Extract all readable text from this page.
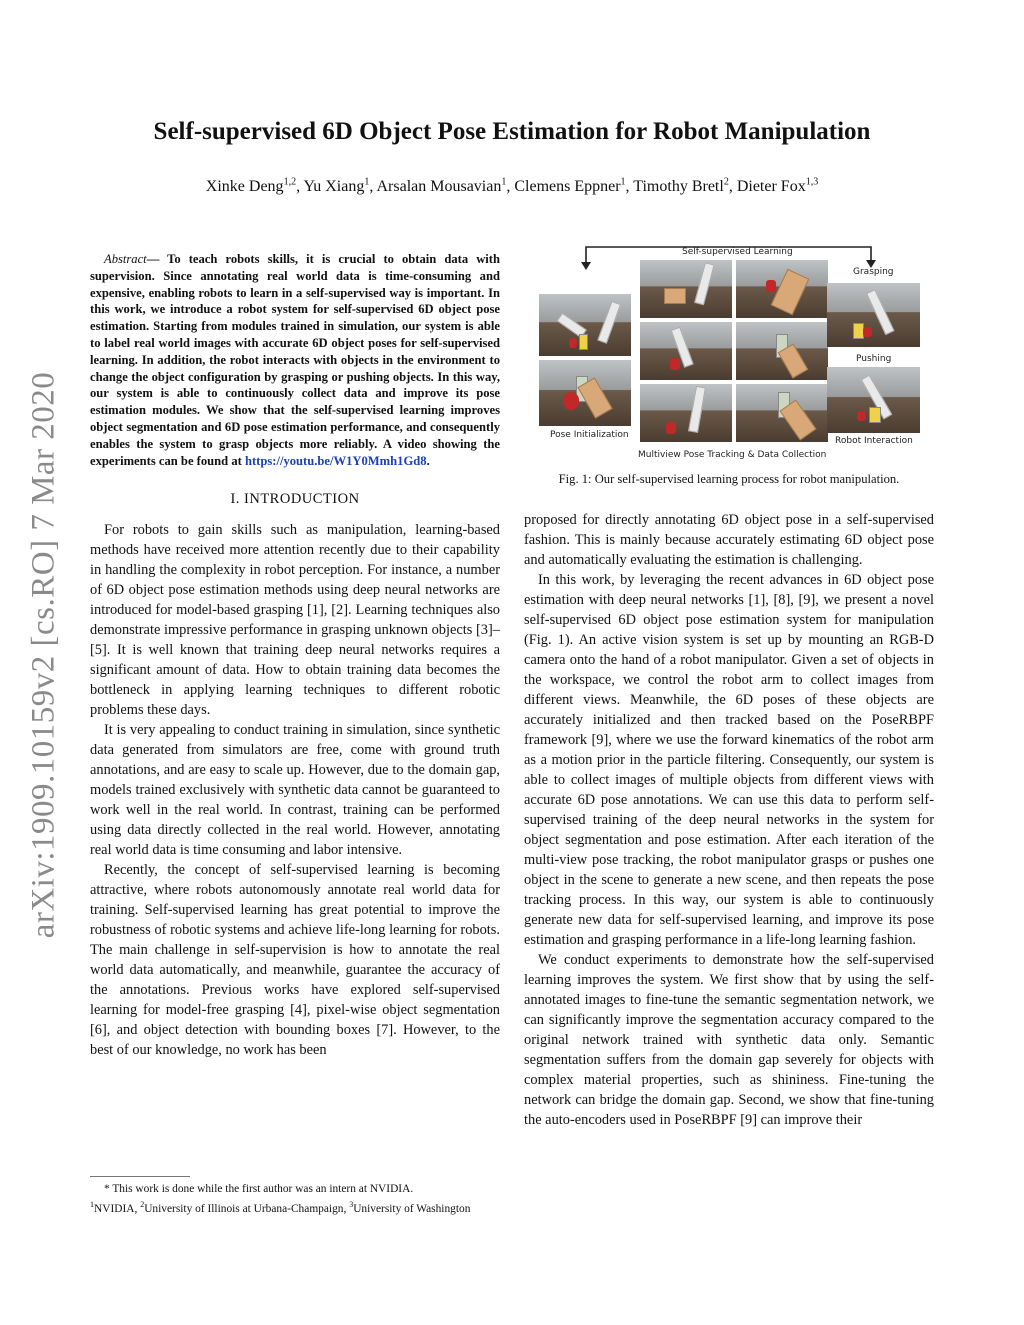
arXiv:1909.10159v2 [cs.RO] 7 Mar 2020
Self-supervised 6D Object Pose Estimation for Robot Manipulation
Xinke Deng$^{1,2}$, Yu Xiang$^1$, Arsalan Mousavian$^1$, Clemens Eppner$^1$, Timothy Bretl$^2$, Dieter Fox$^{1,3}$

Abstract— To teach robots skills, it is crucial to obtain data with supervision. Since annotating real world data is time-consuming and expensive, enabling robots to learn in a self-supervised way is important. In this work, we introduce a robot system for self-supervised 6D object pose estimation. Starting from modules trained in simulation, our system is able to label real world images with accurate 6D object poses for self-supervised learning. In addition, the robot interacts with objects in the environment to change the object configuration by grasping or pushing objects. In this way, our system is able to continuously collect data and improve its pose estimation modules. We show that the self-supervised learning improves object segmentation and 6D pose estimation performance, and consequently enables the system to grasp objects more reliably. A video showing the experiments can be found at https://youtu.be/W1Y0Mmh1Gd8.

I. INTRODUCTION

For robots to gain skills such as manipulation, learning-based methods have received more attention recently due to their capability in handling the complexity in robot perception. For instance, a number of 6D object pose estimation methods using deep neural networks are introduced for model-based grasping [1], [2]. Learning techniques also demonstrate impressive performance in grasping unknown objects [3]–[5]. It is well known that training deep neural networks requires a significant amount of data. How to obtain training data becomes the bottleneck in applying learning techniques to different robotic problems these days.

It is very appealing to conduct training in simulation, since synthetic data generated from simulators are free, come with ground truth annotations, and are easy to scale up. However, due to the domain gap, models trained exclusively with synthetic data cannot be guaranteed to work well in the real world. In contrast, training can be performed using data directly collected in the real world. However, annotating real world data is time consuming and labor intensive.

Recently, the concept of self-supervised learning is becoming attractive, where robots autonomously annotate real world data for training. Self-supervised learning has great potential to improve the robustness of robotic systems and achieve life-long learning for robots. The main challenge in self-supervision is how to annotate the real world data automatically, and meanwhile, guarantee the accuracy of the annotations. Previous works have explored self-supervised learning for model-free grasping [4], pixel-wise object segmentation [6], and object detection with bounding boxes [7]. However, to the best of our knowledge, no work has been

* This work is done while the first author was an intern at NVIDIA.

$^1$NVIDIA, $^2$University of Illinois at Urbana-Champaign, $^3$University of Washington
Self-supervised Learning
Grasping
Pushing
Pose Initialization
Multiview Pose Tracking & Data Collection
Robot Interaction
Fig. 1: Our self-supervised learning process for robot manipulation.

proposed for directly annotating 6D object pose in a self-supervised fashion. This is mainly because accurately estimating 6D object pose and automatically evaluating the estimation is challenging.

In this work, by leveraging the recent advances in 6D object pose estimation with deep neural networks [1], [8], [9], we present a novel self-supervised 6D object pose estimation system for manipulation (Fig. 1). An active vision system is set up by mounting an RGB-D camera onto the hand of a robot manipulator. Given a set of objects in the workspace, we control the robot arm to collect images from different views. Meanwhile, the 6D poses of these objects are accurately initialized and then tracked based on the PoseRBPF framework [9], where we use the forward kinematics of the robot arm as a motion prior in the particle filtering. Consequently, our system is able to collect images of multiple objects from different views with accurate 6D pose annotations. We can use this data to perform self-supervised training of the deep neural networks in the system for object segmentation and pose estimation. After each iteration of the multi-view pose tracking, the robot manipulator grasps or pushes one object in the scene to generate a new scene, and then repeats the pose tracking process. In this way, our system is able to continuously generate new data for self-supervised learning, and improve its pose estimation and grasping performance in a life-long learning fashion.

We conduct experiments to demonstrate how the self-supervised learning improves the system. We first show that by using the self-annotated images to fine-tune the semantic segmentation network, we can significantly improve the segmentation accuracy compared to the original network trained with synthetic data only. Semantic segmentation suffers from the domain gap severely for objects with complex material properties, such as shininess. Fine-tuning the network can bridge the domain gap. Second, we show that fine-tuning the auto-encoders used in PoseRBPF [9] can improve their
